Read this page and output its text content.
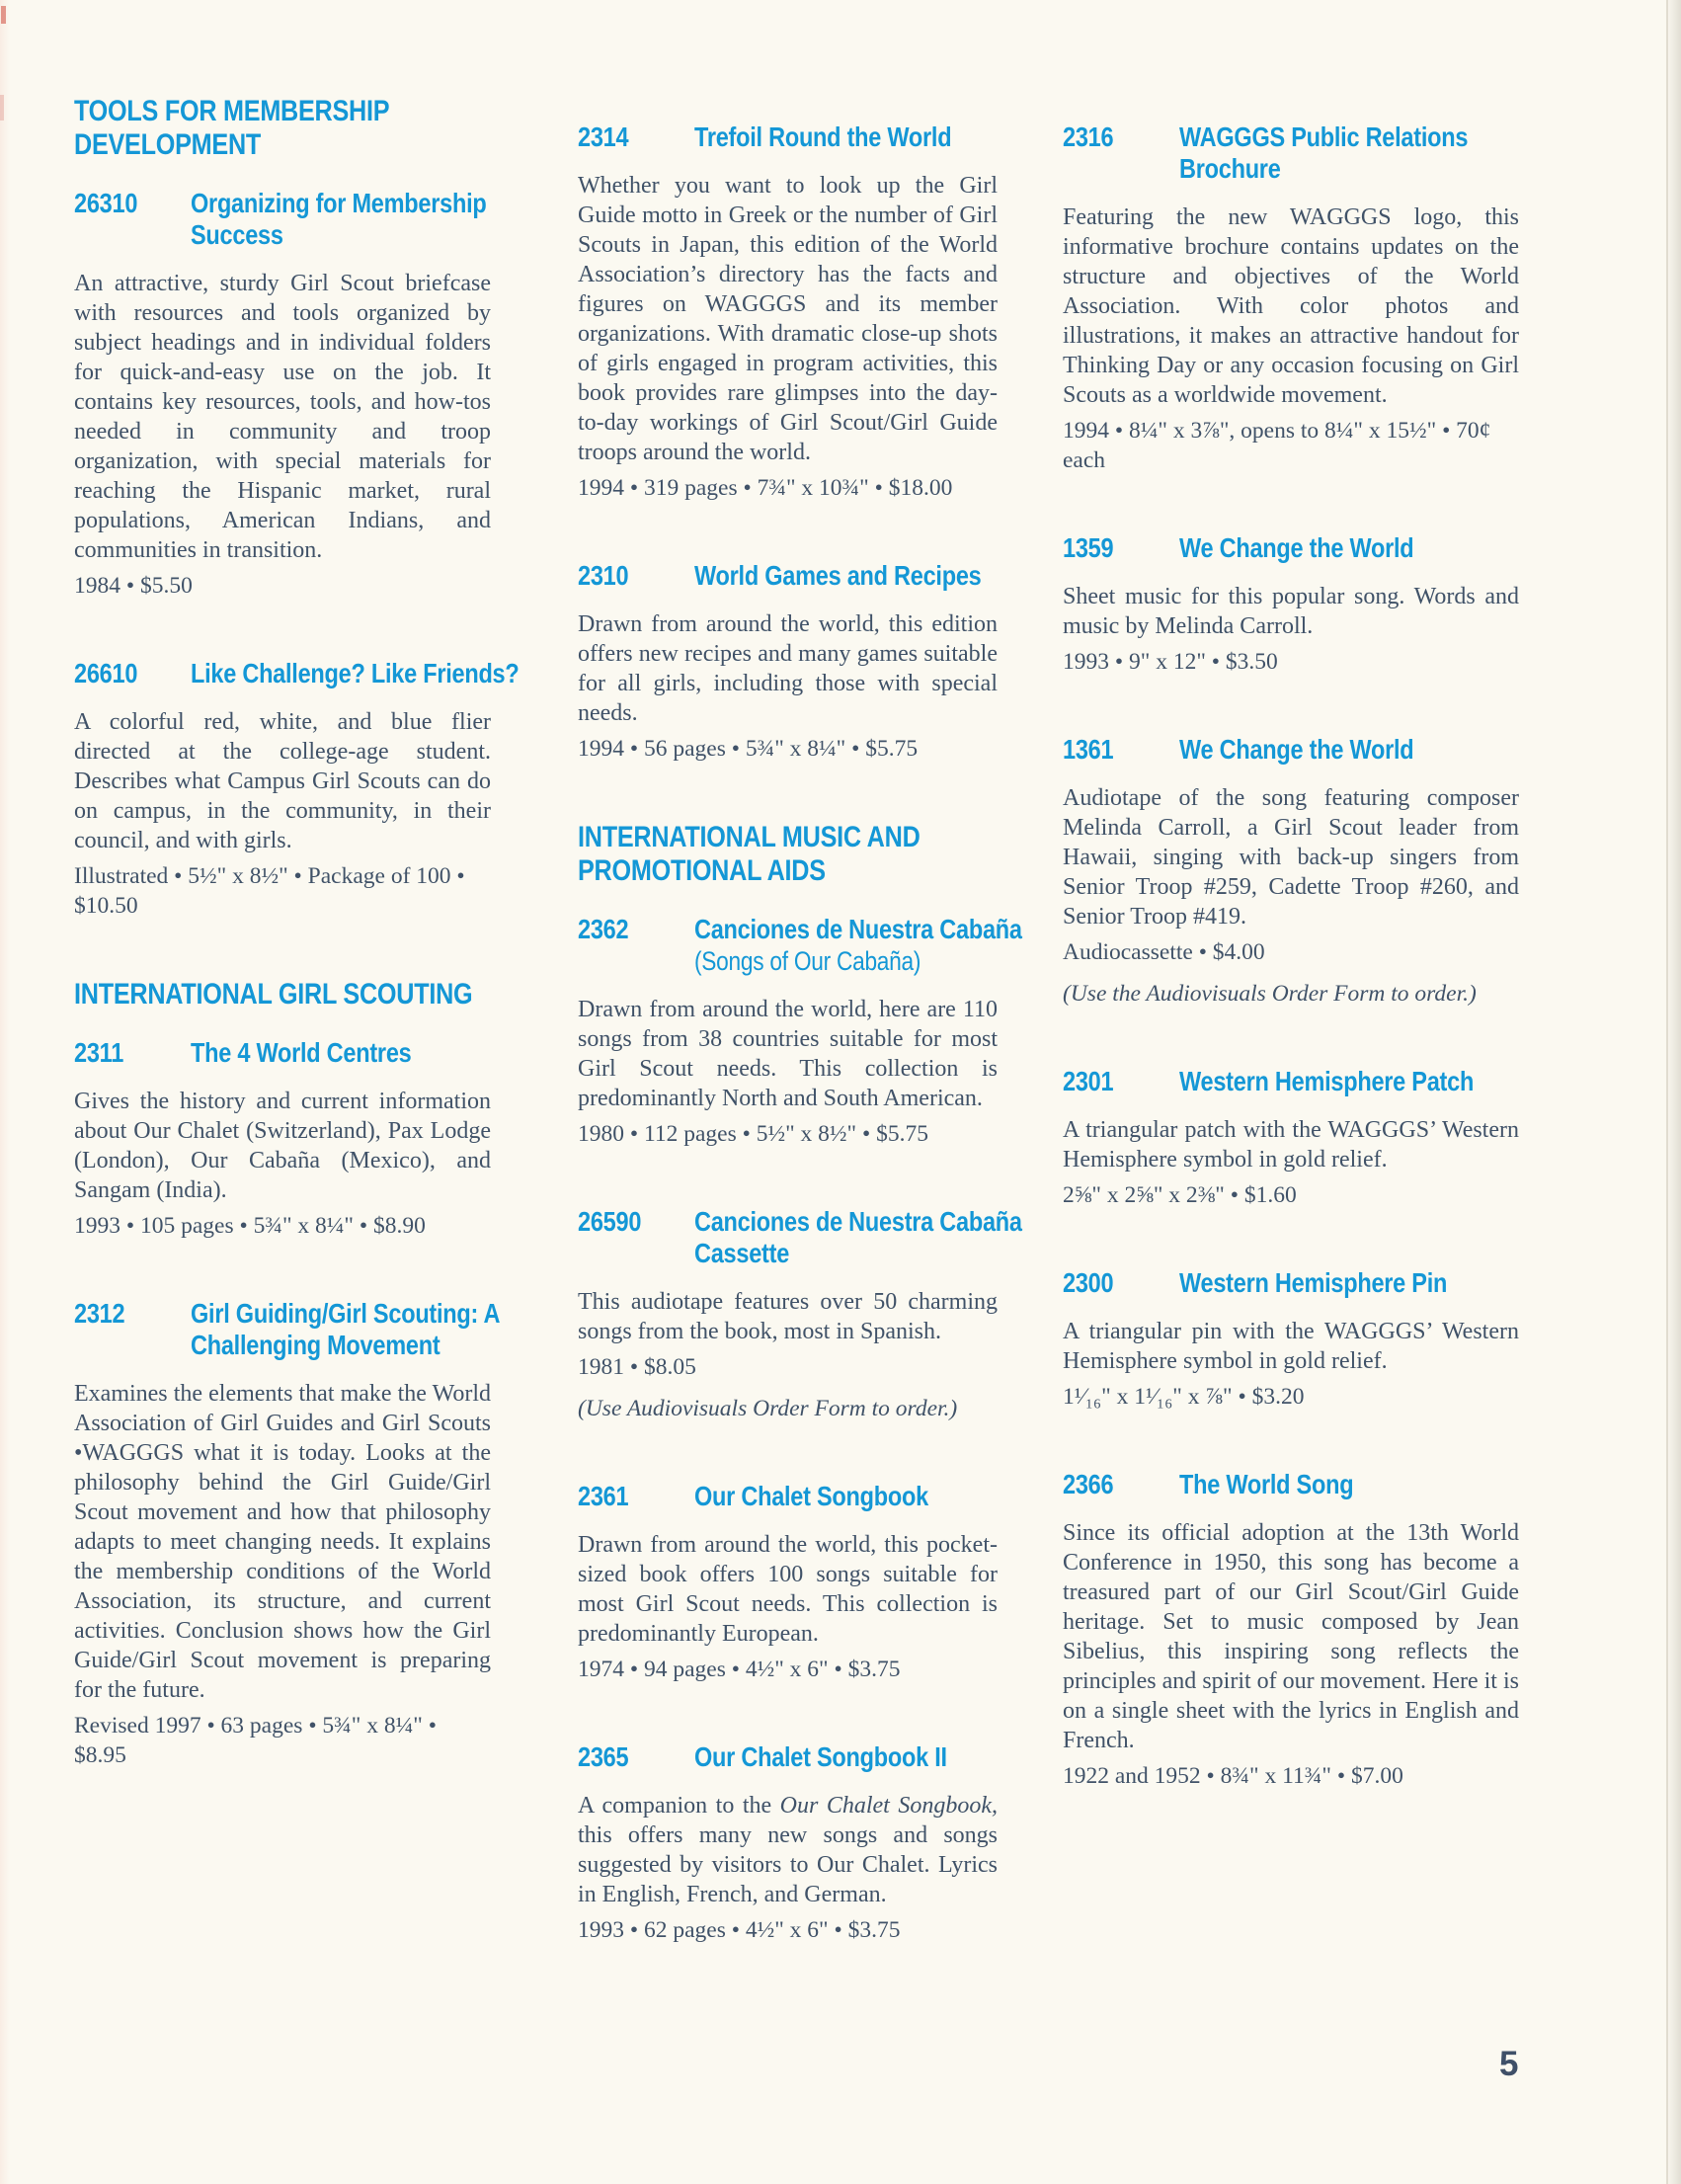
TOOLS FOR MEMBERSHIP
DEVELOPMENT
26310	Organizing for Membership
Success

An attractive, sturdy Girl Scout briefcase with resources and tools organized by subject headings and in individual folders for quick-and-easy use on the job. It contains key resources, tools, and how-tos needed in community and troop organization, with special materials for reaching the Hispanic market, rural populations, American Indians, and communities in transition.

1984 • $5.50
26610	Like Challenge? Like Friends?

A colorful red, white, and blue flier directed at the college-age student. Describes what Campus Girl Scouts can do on campus, in the community, in their council, and with girls.

Illustrated • 5½" x 8½" • Package of 100 • $10.50
INTERNATIONAL GIRL SCOUTING
2311	The 4 World Centres

Gives the history and current information about Our Chalet (Switzerland), Pax Lodge (London), Our Cabaña (Mexico), and Sangam (India).

1993 • 105 pages • 5¾" x 8¼" • $8.90
2312	Girl Guiding/Girl Scouting: A
Challenging Movement

Examines the elements that make the World Association of Girl Guides and Girl Scouts •WAGGGS what it is today. Looks at the philosophy behind the Girl Guide/Girl Scout movement and how that philosophy adapts to meet changing needs. It explains the membership conditions of the World Association, its structure, and current activities. Conclusion shows how the Girl Guide/Girl Scout movement is preparing for the future.

Revised 1997 • 63 pages • 5¾" x 8¼" • $8.95
2314	Trefoil Round the World

Whether you want to look up the Girl Guide motto in Greek or the number of Girl Scouts in Japan, this edition of the World Association’s directory has the facts and figures on WAGGGS and its member organizations. With dramatic close-up shots of girls engaged in program activities, this book provides rare glimpses into the day-to-day workings of Girl Scout/Girl Guide troops around the world.

1994 • 319 pages • 7¾" x 10¾" • $18.00
2310	World Games and Recipes

Drawn from around the world, this edition offers new recipes and many games suitable for all girls, including those with special needs.

1994 • 56 pages • 5¾" x 8¼" • $5.75
INTERNATIONAL MUSIC AND
PROMOTIONAL AIDS
2362	Canciones de Nuestra Cabaña
(Songs of Our Cabaña)

Drawn from around the world, here are 110 songs from 38 countries suitable for most Girl Scout needs. This collection is predominantly North and South American.

1980 • 112 pages • 5½" x 8½" • $5.75
26590	Canciones de Nuestra Cabaña
Cassette

This audiotape features over 50 charming songs from the book, most in Spanish.

1981 • $8.05
(Use Audiovisuals Order Form to order.)
2361	Our Chalet Songbook

Drawn from around the world, this pocket-sized book offers 100 songs suitable for most Girl Scout needs. This collection is predominantly European.

1974 • 94 pages • 4½" x 6" • $3.75
2365	Our Chalet Songbook II

A companion to the Our Chalet Songbook, this offers many new songs and songs suggested by visitors to Our Chalet. Lyrics in English, French, and German.

1993 • 62 pages • 4½" x 6" • $3.75
2316	WAGGGS Public Relations
Brochure

Featuring the new WAGGGS logo, this informative brochure contains updates on the structure and objectives of the World Association. With color photos and illustrations, it makes an attractive handout for Thinking Day or any occasion focusing on Girl Scouts as a worldwide movement.

1994 • 8¼" x 3⅞", opens to 8¼" x 15½" • 70¢ each
1359	We Change the World

Sheet music for this popular song. Words and music by Melinda Carroll.

1993 • 9" x 12" • $3.50
1361	We Change the World

Audiotape of the song featuring composer Melinda Carroll, a Girl Scout leader from Hawaii, singing with back-up singers from Senior Troop #259, Cadette Troop #260, and Senior Troop #419.

Audiocassette • $4.00
(Use the Audiovisuals Order Form to order.)
2301	Western Hemisphere Patch

A triangular patch with the WAGGGS’ Western Hemisphere symbol in gold relief.

2⅝" x 2⅝" x 2⅜" • $1.60
2300	Western Hemisphere Pin

A triangular pin with the WAGGGS’ Western Hemisphere symbol in gold relief.

1¹⁄₁₆" x 1¹⁄₁₆" x ⅞" • $3.20
2366	The World Song

Since its official adoption at the 13th World Conference in 1950, this song has become a treasured part of our Girl Scout/Girl Guide heritage. Set to music composed by Jean Sibelius, this inspiring song reflects the principles and spirit of our movement. Here it is on a single sheet with the lyrics in English and French.

1922 and 1952 • 8¾" x 11¾" • $7.00
5
